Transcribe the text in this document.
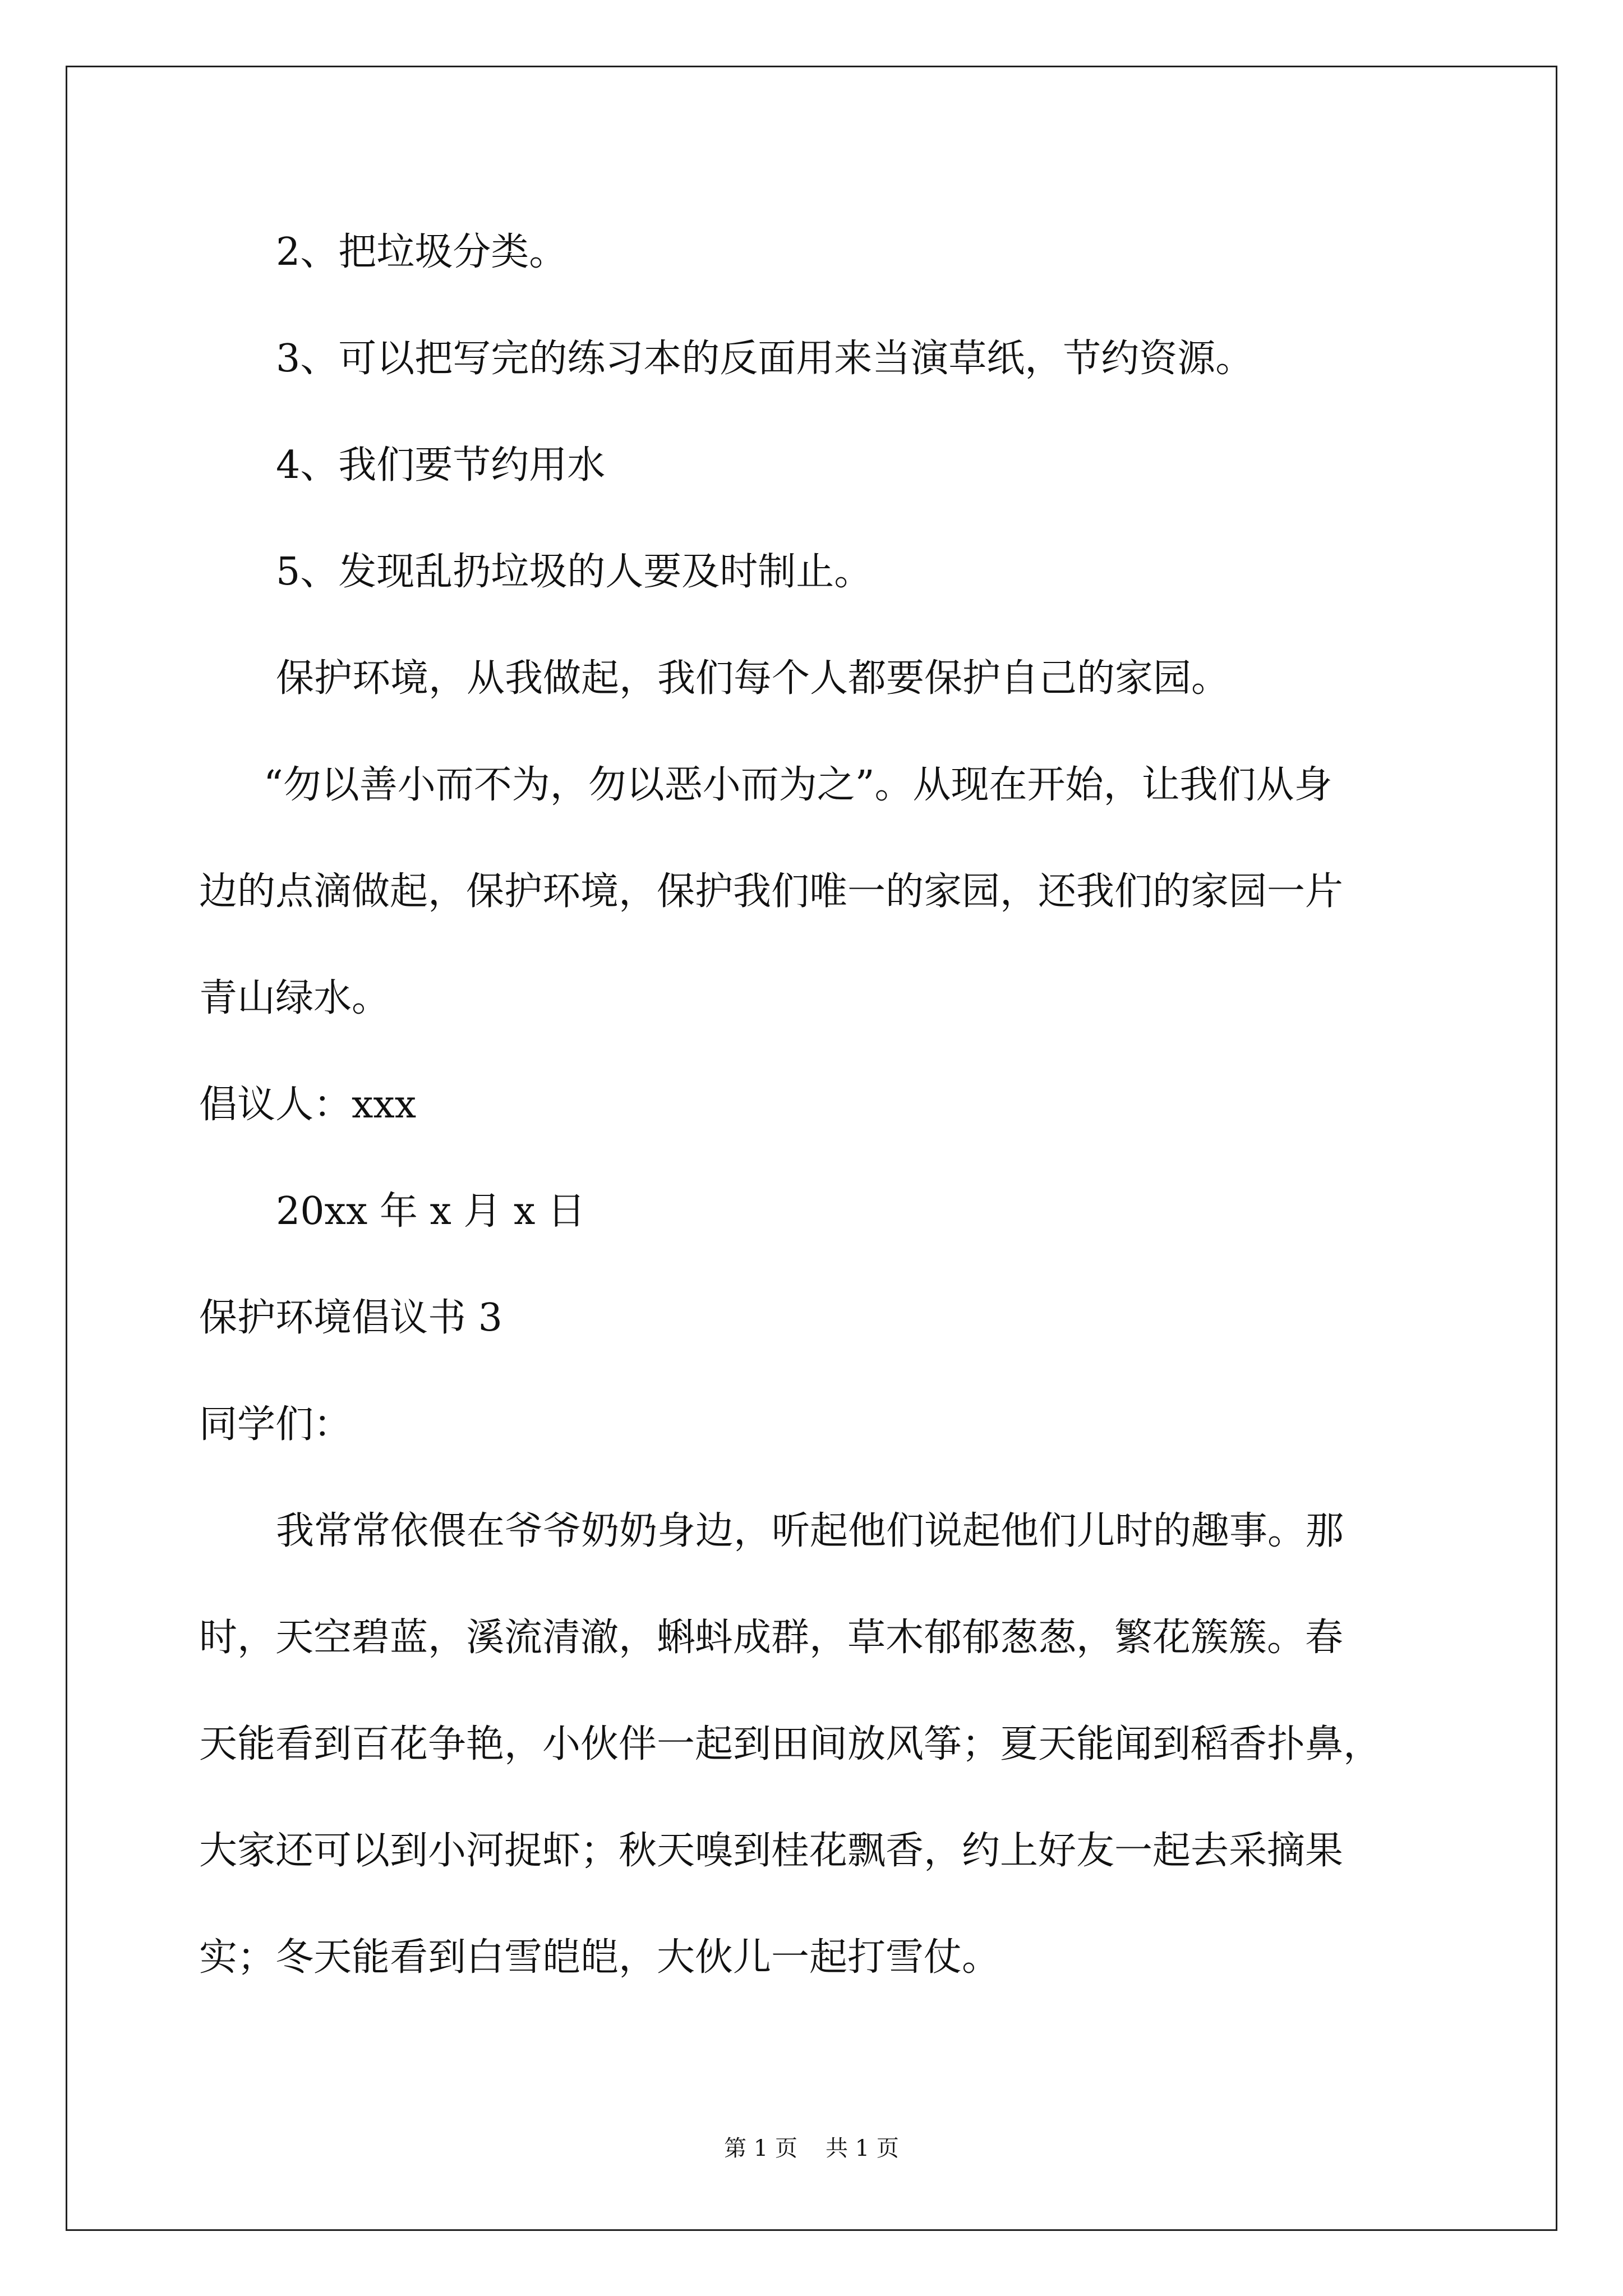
2、把垃圾分类。

3、可以把写完的练习本的反面用来当演草纸，节约资源。

4、我们要节约用水

5、发现乱扔垃圾的人要及时制止。

保护环境，从我做起，我们每个人都要保护自己的家园。

“勿以善小而不为，勿以恶小而为之”。从现在开始，让我们从身

边的点滴做起，保护环境，保护我们唯一的家园，还我们的家园一片

青山绿水。

倡议人：xxx

20xx 年 x 月 x 日

保护环境倡议书 3

同学们：

我常常依偎在爷爷奶奶身边，听起他们说起他们儿时的趣事。那

时，天空碧蓝，溪流清澈，蝌蚪成群，草木郁郁葱葱，繁花簇簇。春

天能看到百花争艳，小伙伴一起到田间放风筝；夏天能闻到稻香扑鼻，

大家还可以到小河捉虾；秋天嗅到桂花飘香，约上好友一起去采摘果

实；冬天能看到白雪皑皑，大伙儿一起打雪仗。

第 1 页 共 1 页
